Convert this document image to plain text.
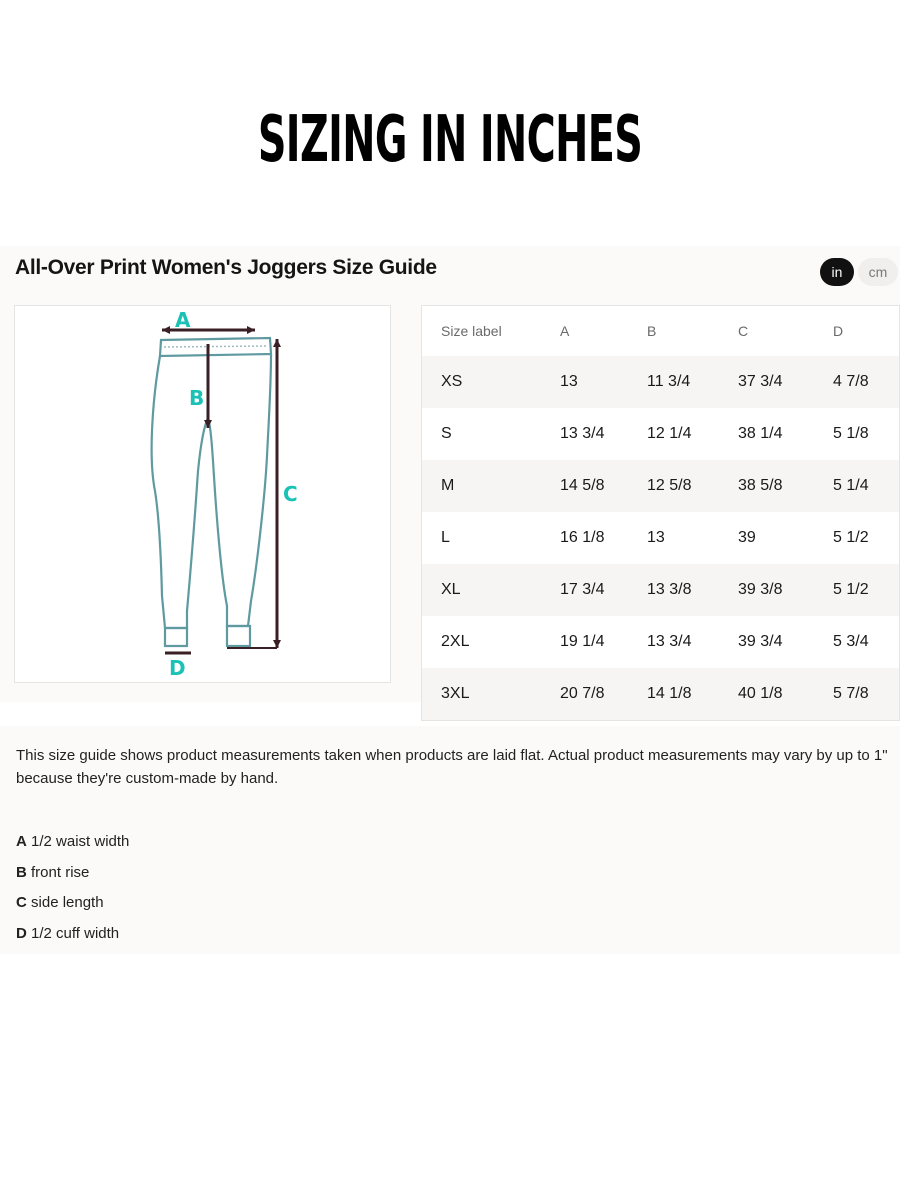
SIZING IN INCHES
All-Over Print Women's Joggers Size Guide	in	cm
A
B
C
D
Size label	A	B	C	D
XS	13	11 3/4	37 3/4	4 7/8
S	13 3/4	12 1/4	38 1/4	5 1/8
M	14 5/8	12 5/8	38 5/8	5 1/4
L	16 1/8	13	39	5 1/2
XL	17 3/4	13 3/8	39 3/8	5 1/2
2XL	19 1/4	13 3/4	39 3/4	5 3/4
3XL	20 7/8	14 1/8	40 1/8	5 7/8
This size guide shows product measurements taken when products are laid flat. Actual product measurements may vary by up to 1" because they're custom-made by hand.
A 1/2 waist width
B front rise
C side length
D 1/2 cuff width
